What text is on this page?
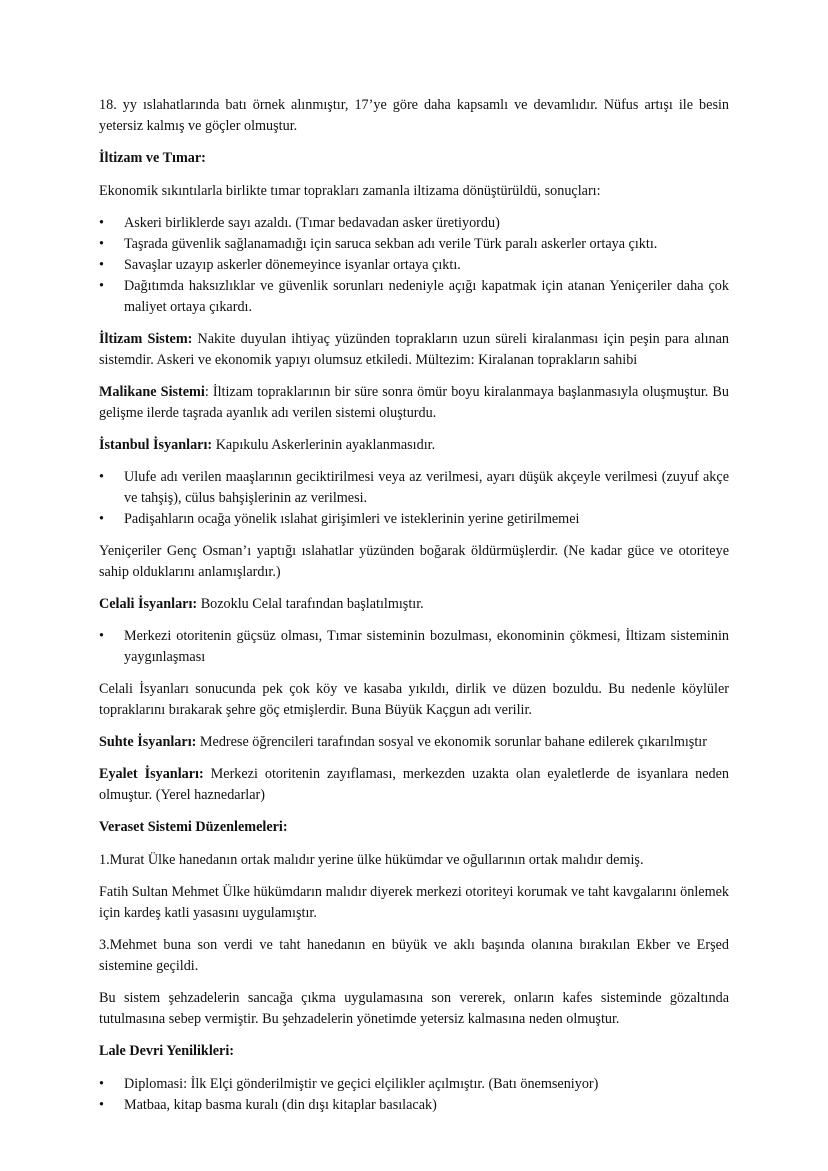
18. yy ıslahatlarında batı örnek alınmıştır, 17’ye göre daha kapsamlı ve devamlıdır. Nüfus artışı ile besin yetersiz kalmış ve göçler olmuştur.

İltizam ve Tımar:

Ekonomik sıkıntılarla birlikte tımar toprakları zamanla iltizama dönüştürüldü, sonuçları:

•	Askeri birliklerde sayı azaldı. (Tımar bedavadan asker üretiyordu)
•	Taşrada güvenlik sağlanamadığı için saruca sekban adı verile Türk paralı askerler ortaya çıktı.
•	Savaşlar uzayıp askerler dönemeyince isyanlar ortaya çıktı.
•	Dağıtımda haksızlıklar ve güvenlik sorunları nedeniyle açığı kapatmak için atanan Yeniçeriler daha çok maliyet ortaya çıkardı.

İltizam Sistem: Nakite duyulan ihtiyaç yüzünden toprakların uzun süreli kiralanması için peşin para alınan sistemdir. Askeri ve ekonomik yapıyı olumsuz etkiledi. Mültezim: Kiralanan toprakların sahibi

Malikane Sistemi: İltizam topraklarının bir süre sonra ömür boyu kiralanmaya başlanmasıyla oluşmuştur. Bu gelişme ilerde taşrada ayanlık adı verilen sistemi oluşturdu.

İstanbul İsyanları: Kapıkulu Askerlerinin ayaklanmasıdır.

•	Ulufe adı verilen maaşlarının geciktirilmesi veya az verilmesi, ayarı düşük akçeyle verilmesi (zuyuf akçe ve tahşiş), cülus bahşişlerinin az verilmesi.
•	Padişahların ocağa yönelik ıslahat girişimleri ve isteklerinin yerine getirilmemei

Yeniçeriler Genç Osman’ı yaptığı ıslahatlar yüzünden boğarak öldürmüşlerdir. (Ne kadar güce ve otoriteye sahip olduklarını anlamışlardır.)

Celali İsyanları: Bozoklu Celal tarafından başlatılmıştır.

•	Merkezi otoritenin güçsüz olması, Tımar sisteminin bozulması, ekonominin çökmesi, İltizam sisteminin yaygınlaşması

Celali İsyanları sonucunda pek çok köy ve kasaba yıkıldı, dirlik ve düzen bozuldu. Bu nedenle köylüler topraklarını bırakarak şehre göç etmişlerdir. Buna Büyük Kaçgun adı verilir.

Suhte İsyanları: Medrese öğrencileri tarafından sosyal ve ekonomik sorunlar bahane edilerek çıkarılmıştır

Eyalet İsyanları: Merkezi otoritenin zayıflaması, merkezden uzakta olan eyaletlerde de isyanlara neden olmuştur. (Yerel haznedarlar)

Veraset Sistemi Düzenlemeleri:

1.Murat Ülke hanedanın ortak malıdır yerine ülke hükümdar ve oğullarının ortak malıdır demiş.

Fatih Sultan Mehmet Ülke hükümdarın malıdır diyerek merkezi otoriteyi korumak ve taht kavgalarını önlemek için kardeş katli yasasını uygulamıştır.

3.Mehmet buna son verdi ve taht hanedanın en büyük ve aklı başında olanına bırakılan Ekber ve Erşed sistemine geçildi.

Bu sistem şehzadelerin sancağa çıkma uygulamasına son vererek, onların kafes sisteminde gözaltında tutulmasına sebep vermiştir. Bu şehzadelerin yönetimde yetersiz kalmasına neden olmuştur.

Lale Devri Yenilikleri:

•	Diplomasi: İlk Elçi gönderilmiştir ve geçici elçilikler açılmıştır. (Batı önemseniyor)
•	Matbaa, kitap basma kuralı (din dışı kitaplar basılacak)
